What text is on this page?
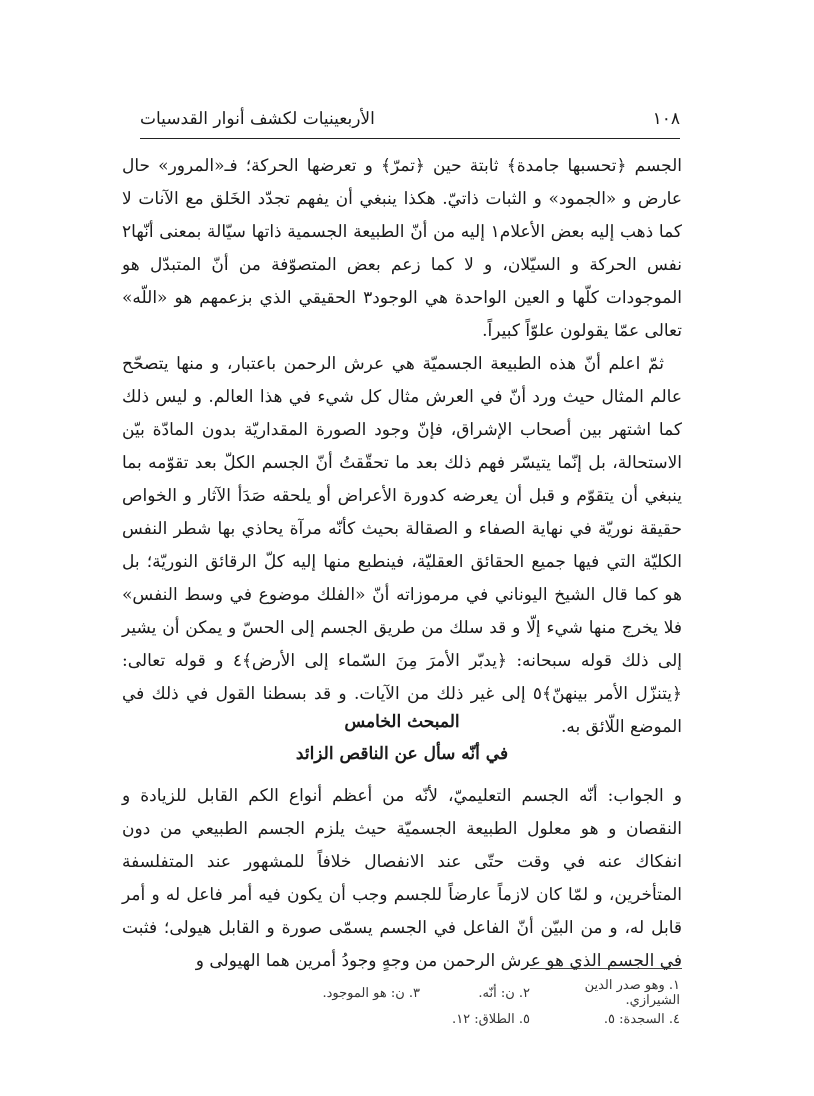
١٠٨
الأربعينيات لكشف أنوار القدسيات

الجسم ﴿تحسبها جامدة﴾ ثابتة حين ﴿تمرّ﴾ و تعرضها الحركة؛ فـ«المرور» حال عارض و «الجمود» و الثبات ذاتيّ. هكذا ينبغي أن يفهم تجدّد الخَلق مع الآنات لا كما ذهب إليه بعض الأعلام١ إليه من أنّ الطبيعة الجسمية ذاتها سيّالة بمعنى أنّها٢ نفس الحركة و السيّلان، و لا كما زعم بعض المتصوّفة من أنّ المتبدّل هو الموجودات كلّها و العين الواحدة هي الوجود٣ الحقيقي الذي بزعمهم هو «اللّه» تعالى عمّا يقولون علوّاً كبيراً.

ثمّ اعلم أنّ هذه الطبيعة الجسميّة هي عرش الرحمن باعتبار، و منها يتصحّح عالم المثال حيث ورد أنّ في العرش مثال كل شيء في هذا العالم. و ليس ذلك كما اشتهر بين أصحاب الإشراق، فإنّ وجود الصورة المقداريّة بدون المادّة بيّن الاستحالة، بل إنّما يتيسّر فهم ذلك بعد ما تحقّقتُ أنّ الجسم الكلّ بعد تقوّمه بما ينبغي أن يتقوّم و قبل أن يعرضه كدورة الأعراض أو يلحقه صَدَأ الآثار و الخواص حقيقة نوريّة في نهاية الصفاء و الصقالة بحيث كأنّه مرآة يحاذي بها شطر النفس الكليّة التي فيها جميع الحقائق العقليّة، فينطبع منها إليه كلّ الرقائق النوريّة؛ بل هو كما قال الشيخ اليوناني في مرموزاته أنّ «الفلك موضوع في وسط النفس» فلا يخرج منها شيء إلّا و قد سلك من طريق الجسم إلى الحسّ و يمكن أن يشير إلى ذلك قوله سبحانه: ﴿يدبّر الأمرَ مِنَ السّماء إلى الأرض﴾٤ و قوله تعالى: ﴿يتنزّل الأمر بينهنّ﴾٥ إلى غير ذلك من الآيات. و قد بسطنا القول في ذلك في الموضع اللّائق به.

المبحث الخامس

في أنّه سأل عن الناقص الزائد

و الجواب: أنّه الجسم التعليميّ، لأنّه من أعظم أنواع الكم القابل للزيادة و النقصان و هو معلول الطبيعة الجسميّة حيث يلزم الجسم الطبيعي من دون انفكاك عنه في وقت حتّى عند الانفصال خلافاً للمشهور عند المتفلسفة المتأخرين، و لمّا كان لازماً عارضاً للجسم وجب أن يكون فيه أمر فاعل له و أمر قابل له، و من البيّن أنّ الفاعل في الجسم يسمّى صورة و القابل هيولى؛ فثبت في الجسم الذي هو عرش الرحمن من وجهٍ وجودُ أمرين هما الهيولى و

١. وهو صدر الدين الشيرازي.
٢. ن: أنّه.
٣. ن: هو الموجود.
٤. السجدة: ٥.
٥. الطلاق: ١٢.
